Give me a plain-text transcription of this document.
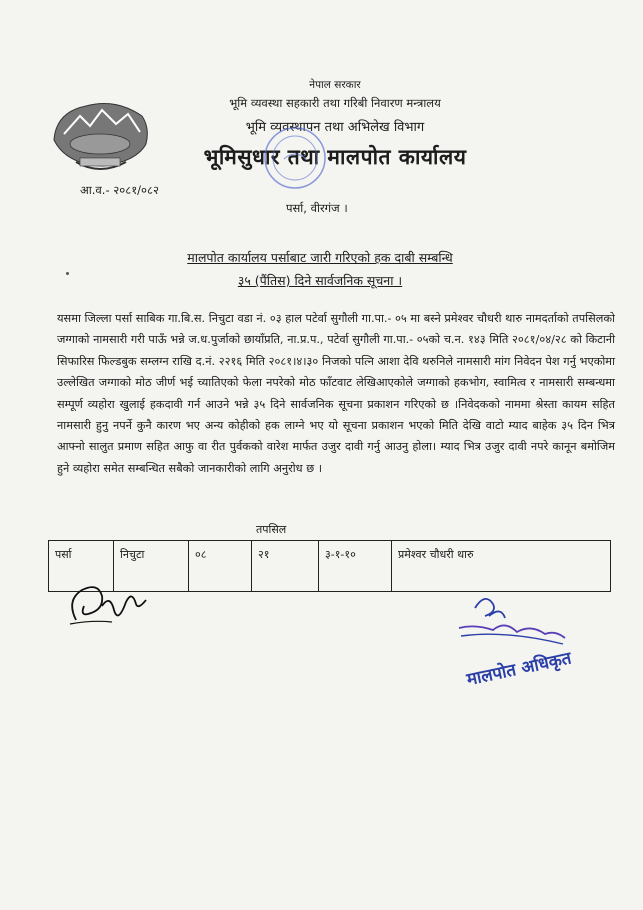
नेपाल सरकार
भूमि व्यवस्था सहकारी तथा गरिबी निवारण मन्त्रालय
भूमि व्यवस्थापन तथा अभिलेख विभाग
भूमिसुधार तथा मालपोत कार्यालय
आ.व.- २०८१/०८२
पर्सा, वीरगंज ।
मालपोत कार्यालय पर्साबाट जारी गरिएको हक दाबी सम्बन्धि
३५ (पैंतिस) दिने सार्वजनिक सूचना ।
यसमा जिल्ला पर्सा साबिक गा.बि.स. निचुटा वडा नं. ०३ हाल पटेर्वा सुगौली गा.पा.- ०५ मा बस्ने प्रमेश्वर चौधरी थारु नामदर्ताको तपसिलको जग्गाको नामसारी गरी पाऊँ भन्ने ज.ध.पुर्जाको छायाँप्रति, ना.प्र.प., पटेर्वा सुगौली गा.पा.- ०५को च.न. १४३ मिति २०८१/०४/२८ को किटानी सिफारिस फिल्डबुक सम्लग्न राखि द.नं. २२१६ मिति २०८१।४।३० निजको पत्नि आशा देवि थरुनिले नामसारी मांग निवेदन पेश गर्नु भएकोमा उल्लेखित जग्गाको मोठ जीर्ण भई च्यातिएको फेला नपरेको मोठ फाँटवाट लेखिआएकोले जग्गाको हकभोग, स्वामित्व र नामसारी सम्बन्धमा सम्पूर्ण व्यहोरा खुलाई हकदावी गर्न आउने भन्ने ३५ दिने सार्वजनिक सूचना प्रकाशन गरिएको छ ।निवेदकको नाममा श्रेस्ता कायम सहित नामसारी हुनु नपर्ने कुनै कारण भए अन्य कोहीको हक लाग्ने भए यो सूचना प्रकाशन भएको मिति देखि वाटो म्याद बाहेक ३५ दिन भित्र आफ्नो सालुत प्रमाण सहित आफु वा रीत पुर्वकको वारेश मार्फत उजुर दावी गर्नु आउनु होला। म्याद भित्र उजुर दावी नपरे कानून बमोजिम हुने व्यहोरा समेत सम्बन्धित सबैको जानकारीको लागि अनुरोध छ ।
तपसिल
पर्सा	निचुटा	०८	२१	३-१-१०	प्रमेश्वर चौधरी थारु
मालपोत अधिकृत
